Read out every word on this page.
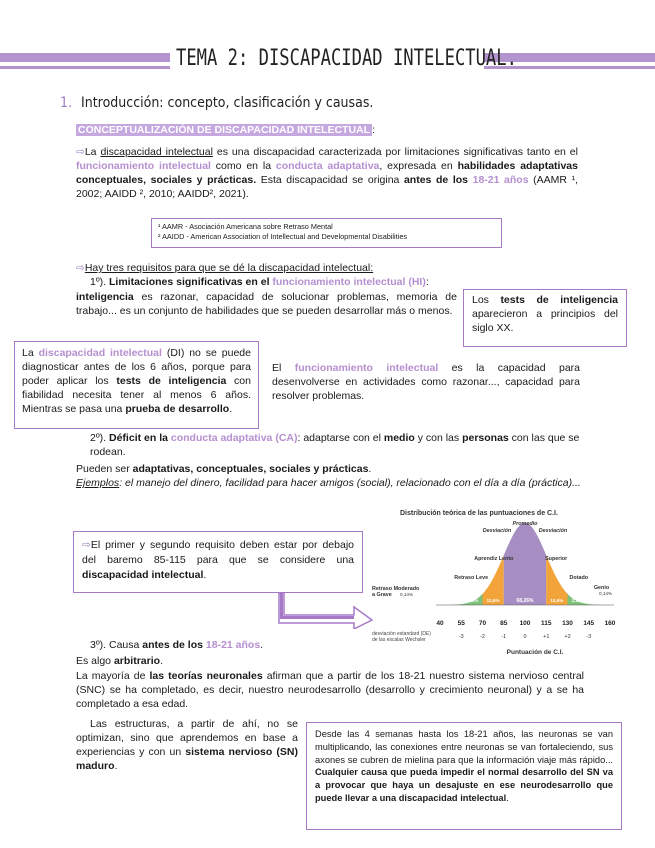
TEMA 2: DISCAPACIDAD INTELECTUAL.
1. Introducción: concepto, clasificación y causas.
CONCEPTUALIZACIÓN DE DISCAPACIDAD INTELECTUAL :
⇨La discapacidad intelectual es una discapacidad caracterizada por limitaciones significativas tanto en el funcionamiento intelectual como en la conducta adaptativa, expresada en habilidades adaptativas conceptuales, sociales y prácticas. Esta discapacidad se origina antes de los 18-21 años (AAMR ¹, 2002; AAIDD ², 2010; AAIDD², 2021).
¹ AAMR - Asociación Americana sobre Retraso Mental
² AAIDD - American Association of Intellectual and Developmental Disabilities
⇨Hay tres requisitos para que se dé la discapacidad intelectual:
1º). Limitaciones significativas en el funcionamiento intelectual (HI):
inteligencia es razonar, capacidad de solucionar problemas, memoria de trabajo... es un conjunto de habilidades que se pueden desarrollar más o menos.
Los tests de inteligencia aparecieron a principios del siglo XX.
La discapacidad intelectual (DI) no se puede diagnosticar antes de los 6 años, porque para poder aplicar los tests de inteligencia con fiabilidad necesita tener al menos 6 años. Mientras se pasa una prueba de desarrollo.
El funcionamiento intelectual es la capacidad para desenvolverse en actividades como razonar..., capacidad para resolver problemas.
2º). Déficit en la conducta adaptativa (CA): adaptarse con el medio y con las personas con las que se rodean.
Pueden ser adaptativas, conceptuales, sociales y prácticas.
Ejemplos: el manejo del dinero, facilidad para hacer amigos (social), relacionado con el día a día (práctica)...
⇨El primer y segundo requisito deben estar por debajo del baremo 85-115 para que se considere una discapacidad intelectual.
Distribución teórica de las puntuaciones de C.I.
2,15% 13,6%	68,26%	13,6% 2,15%
40 55 70 85 100 115 130 145 160
-3	-2	-1	0	+1	+2	-3
desviación estandard (DE)
de las escalas Wechsler
Puntuación de C.I.
Promedio
Desviación	Desviación
Aprendiz Lento	Superior
Retraso Leve	Dotado
Retraso Moderado
a Grave 0,14%
Genio
0,14%
3º). Causa antes de los 18-21 años.
Es algo arbitrario.
La mayoría de las teorías neuronales afirman que a partir de los 18-21 nuestro sistema nervioso central (SNC) se ha completado, es decir, nuestro neurodesarrollo (desarrollo y crecimiento neuronal) y a se ha completado a esa edad.
Las estructuras, a partir de ahí, no se optimizan, sino que aprendemos en base a experiencias y con un sistema nervioso (SN) maduro.
Desde las 4 semanas hasta los 18-21 años, las neuronas se van multiplicando, las conexiones entre neuronas se van fortaleciendo, sus axones se cubren de mielina para que la información viaje más rápido... Cualquier causa que pueda impedir el normal desarrollo del SN va a provocar que haya un desajuste en ese neurodesarrollo que puede llevar a una discapacidad intelectual.
